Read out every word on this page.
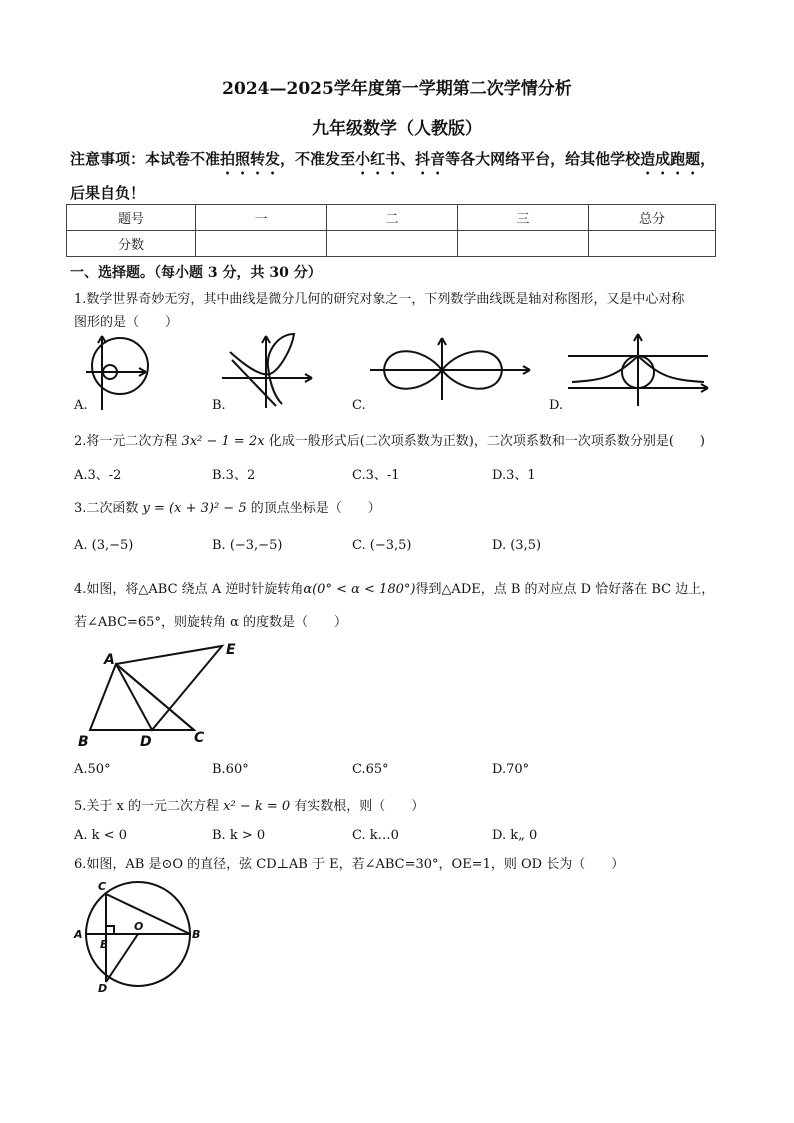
2024—2025学年度第一学期第二次学情分析
九年级数学（人教版）
注意事项：本试卷不准拍照转发，不准发至小红书、抖音等各大网络平台，给其他学校造成跑题，后果自负！
题号	一	二	三	总分
分数				
一、选择题。（每小题 3 分，共 30 分）
1.数学世界奇妙无穷，其中曲线是微分几何的研究对象之一，下列数学曲线既是轴对称图形，又是中心对称
图形的是（　　）
A.	B.	C.	D.
2.将一元二次方程 3x² − 1 = 2x 化成一般形式后(二次项系数为正数)，二次项系数和一次项系数分别是(　　)
A.3、-2	B.3、2	C.3、-1	D.3、1
3.二次函数 y = (x + 3)² − 5 的顶点坐标是（　　）
A. (3,−5)	B. (−3,−5)	C. (−3,5)	D. (3,5)
4.如图，将△ABC 绕点 A 逆时针旋转角α(0° < α < 180°)得到△ADE，点 B 的对应点 D 恰好落在 BC 边上，
若∠ABC=65°，则旋转角 α 的度数是（　　）
A
E
B	D	C
A.50°	B.60°	C.65°	D.70°
5.关于 x 的一元二次方程 x² − k = 0 有实数根，则（　　）
A. k < 0	B. k > 0	C. k…0	D. k„ 0
6.如图，AB 是⊙O 的直径，弦 CD⊥AB 于 E，若∠ABC=30°，OE=1，则 OD 长为（　　）
C
A
E
O
B
D
